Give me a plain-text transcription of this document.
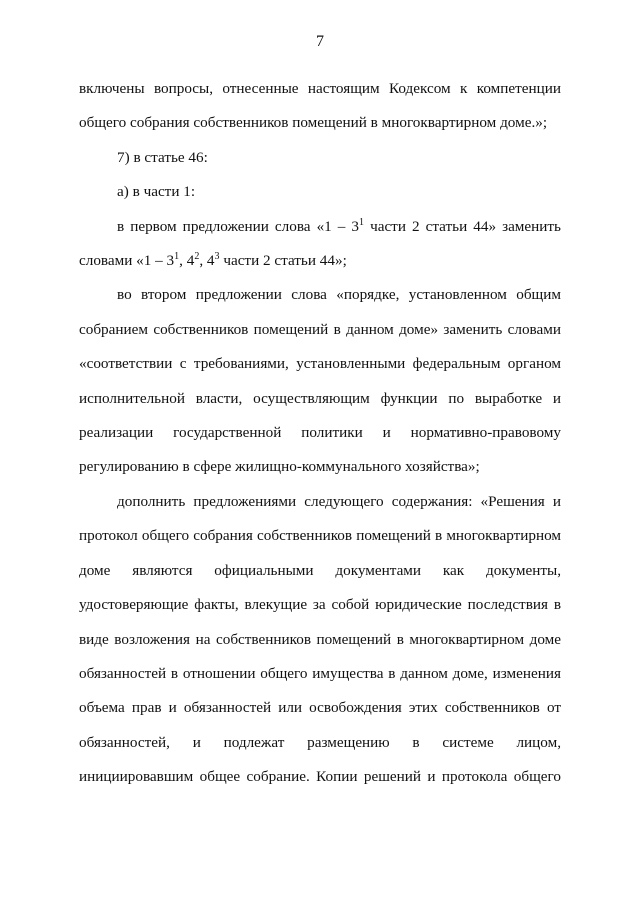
7
включены вопросы, отнесенные настоящим Кодексом к компетенции
общего собрания собственников помещений в многоквартирном доме.»;
7) в статье 46:
а) в части 1:
в первом предложении слова «$1 - 3^1$ части 2 статьи 44» заменить
словами «$1 - 3^1$, $4^2$, $4^3$ части 2 статьи 44»;
во втором предложении слова «порядке, установленном общим
собранием собственников помещений в данном доме» заменить словами
«соответствии с требованиями, установленными федеральным органом
исполнительной власти, осуществляющим функции по выработке и
реализации государственной политики и нормативно-правовому
регулированию в сфере жилищно-коммунального хозяйства»;
дополнить предложениями следующего содержания: «Решения и
протокол общего собрания собственников помещений в многоквартирном
доме являются официальными документами как документы,
удостоверяющие факты, влекущие за собой юридические последствия в
виде возложения на собственников помещений в многоквартирном доме
обязанностей в отношении общего имущества в данном доме, изменения
объема прав и обязанностей или освобождения этих собственников от
обязанностей, и подлежат размещению в системе лицом,
инициировавшим общее собрание. Копии решений и протокола общего
